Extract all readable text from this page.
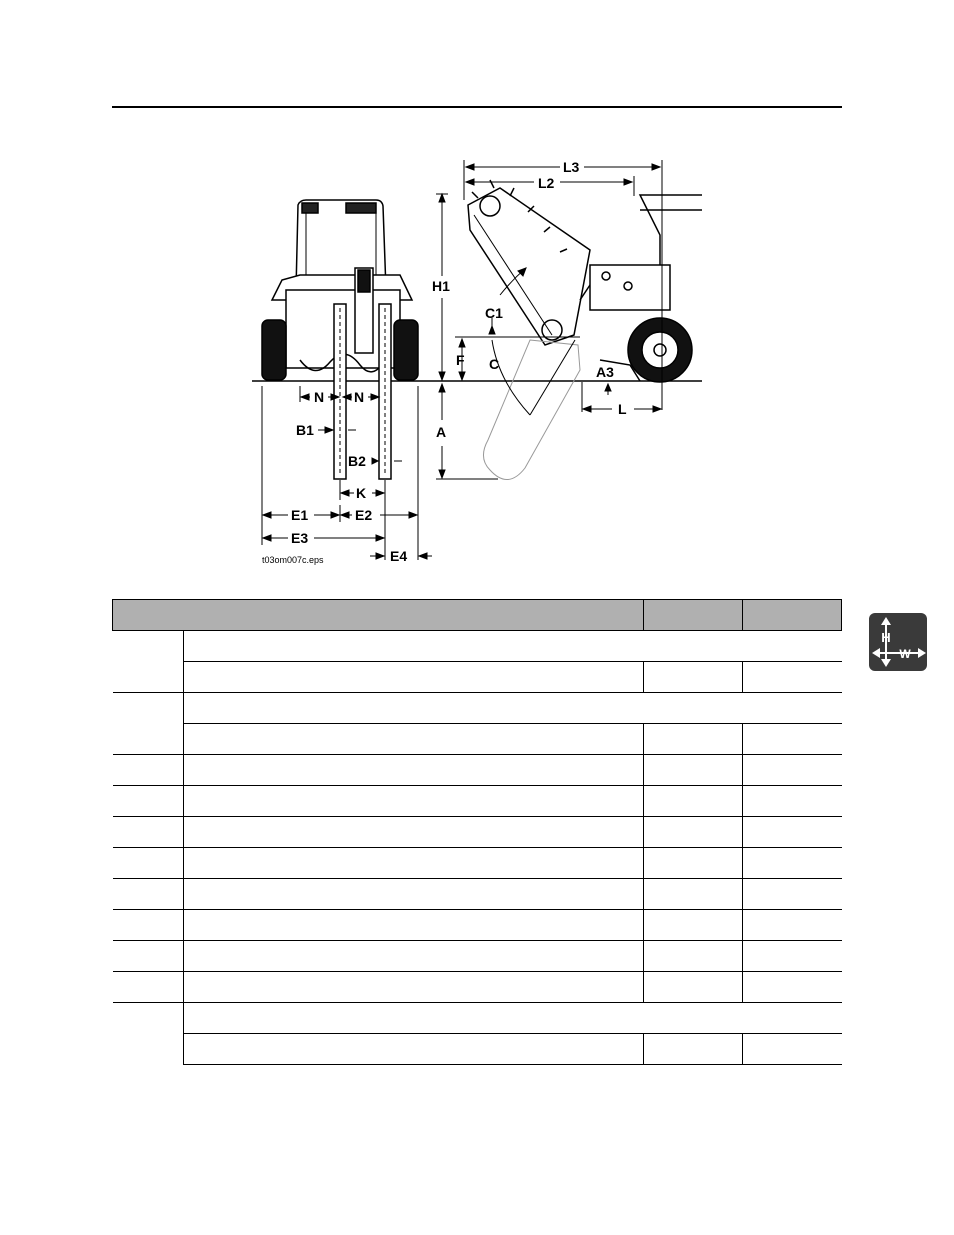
L3
L2
H1
C1
F C	A3
N N
B1	A
L
B2
K
E1	E2
E3
E4
t03om007c.eps

H
W
